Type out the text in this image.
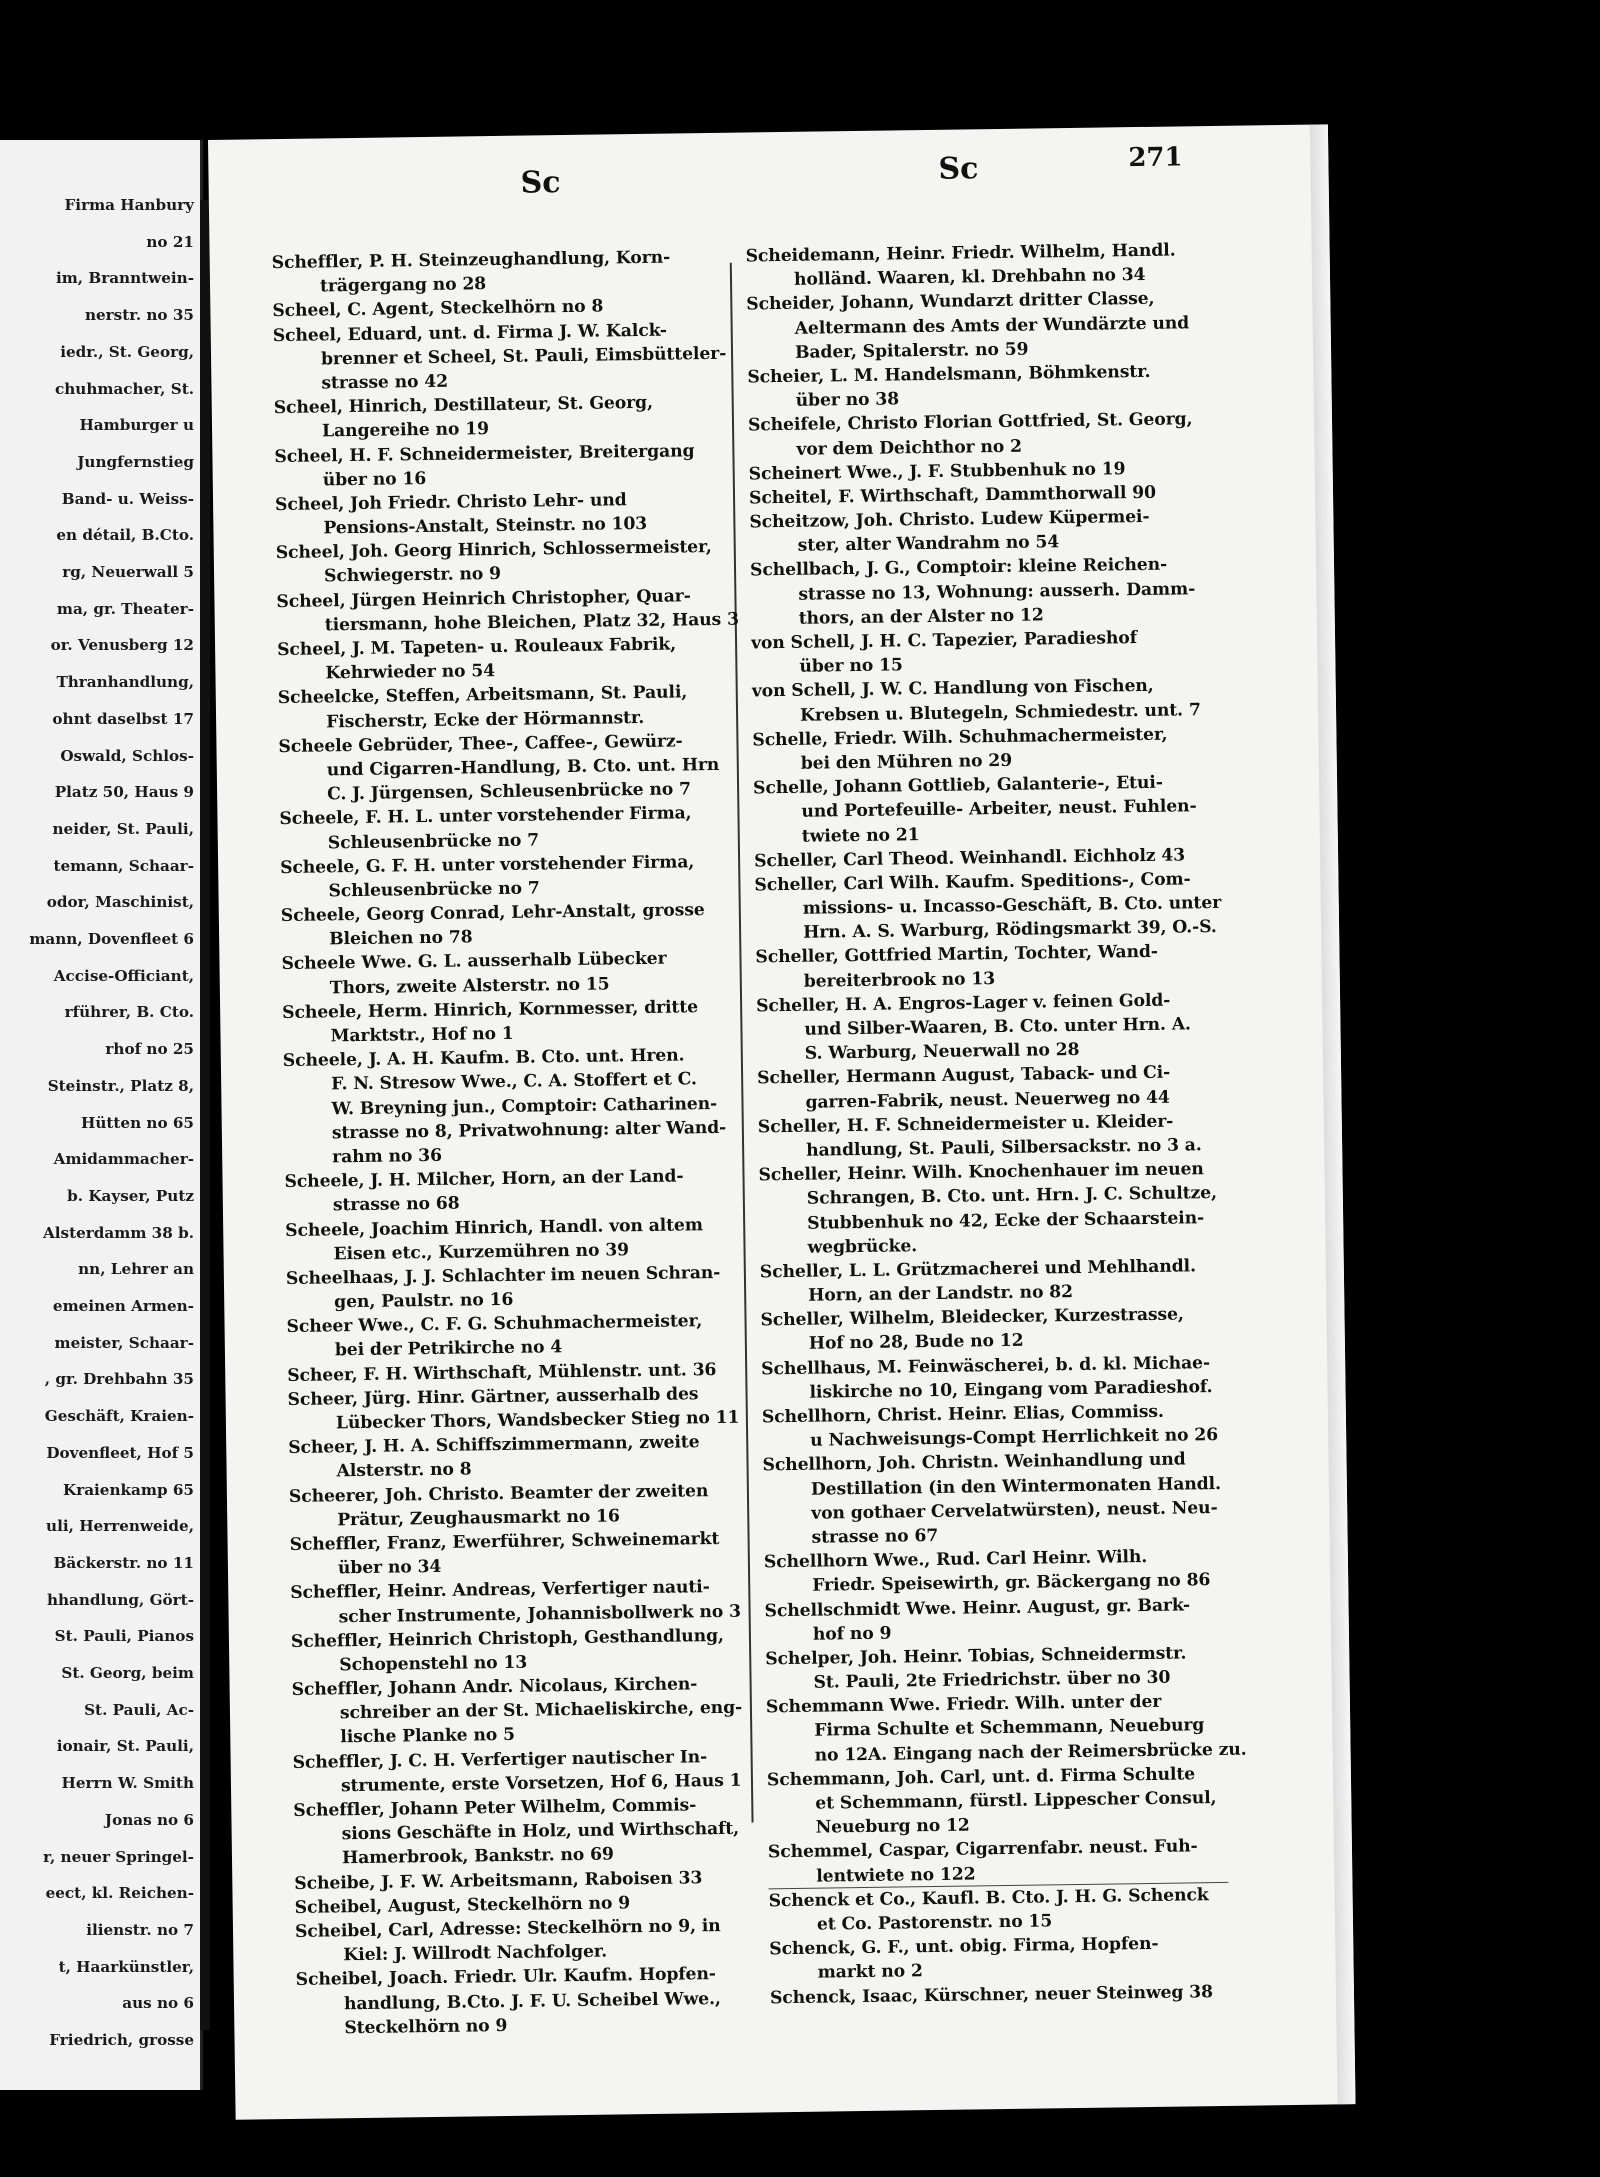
Firma Hanbury
no 21
im, Branntwein-
nerstr. no 35
iedr., St. Georg,
chuhmacher, St.
Hamburger u
Jungfernstieg
Band- u. Weiss-
en détail, B.Cto.
rg, Neuerwall 5
ma, gr. Theater-
or. Venusberg 12
Thranhandlung,
ohnt daselbst 17
Oswald, Schlos-
Platz 50, Haus 9
neider, St. Pauli,
temann, Schaar-
odor, Maschinist,
mann, Dovenfleet 6
Accise-Officiant,
rführer, B. Cto.
rhof no 25
Steinstr., Platz 8,
Hütten no 65
Amidammacher-
b. Kayser, Putz
Alsterdamm 38 b.
nn, Lehrer an
emeinen Armen-
meister, Schaar-
, gr. Drehbahn 35
Geschäft, Kraien-
Dovenfleet, Hof 5
Kraienkamp 65
uli, Herrenweide,
Bäckerstr. no 11
hhandlung, Gört-
St. Pauli, Pianos
St. Georg, beim
St. Pauli, Ac-
ionair, St. Pauli,
Herrn W. Smith
Jonas no 6
r, neuer Springel-
eect, kl. Reichen-
ilienstr. no 7
t, Haarkünstler,
aus no 6
Friedrich, grosse
Sc	Sc	271
Scheffler, P. H. Steinzeughandlung, Korn-
trägergang no 28
Scheel, C. Agent, Steckelhörn no 8
Scheel, Eduard, unt. d. Firma J. W. Kalck-
brenner et Scheel, St. Pauli, Eimsbütteler-
strasse no 42
Scheel, Hinrich, Destillateur, St. Georg,
Langereihe no 19
Scheel, H. F. Schneidermeister, Breitergang
über no 16
Scheel, Joh Friedr. Christo Lehr- und
Pensions-Anstalt, Steinstr. no 103
Scheel, Joh. Georg Hinrich, Schlossermeister,
Schwiegerstr. no 9
Scheel, Jürgen Heinrich Christopher, Quar-
tiersmann, hohe Bleichen, Platz 32, Haus 3
Scheel, J. M. Tapeten- u. Rouleaux Fabrik,
Kehrwieder no 54
Scheelcke, Steffen, Arbeitsmann, St. Pauli,
Fischerstr, Ecke der Hörmannstr.
Scheele Gebrüder, Thee-, Caffee-, Gewürz-
und Cigarren-Handlung, B. Cto. unt. Hrn
C. J. Jürgensen, Schleusenbrücke no 7
Scheele, F. H. L. unter vorstehender Firma,
Schleusenbrücke no 7
Scheele, G. F. H. unter vorstehender Firma,
Schleusenbrücke no 7
Scheele, Georg Conrad, Lehr-Anstalt, grosse
Bleichen no 78
Scheele Wwe. G. L. ausserhalb Lübecker
Thors, zweite Alsterstr. no 15
Scheele, Herm. Hinrich, Kornmesser, dritte
Marktstr., Hof no 1
Scheele, J. A. H. Kaufm. B. Cto. unt. Hren.
F. N. Stresow Wwe., C. A. Stoffert et C.
W. Breyning jun., Comptoir: Catharinen-
strasse no 8, Privatwohnung: alter Wand-
rahm no 36
Scheele, J. H. Milcher, Horn, an der Land-
strasse no 68
Scheele, Joachim Hinrich, Handl. von altem
Eisen etc., Kurzemühren no 39
Scheelhaas, J. J. Schlachter im neuen Schran-
gen, Paulstr. no 16
Scheer Wwe., C. F. G. Schuhmachermeister,
bei der Petrikirche no 4
Scheer, F. H. Wirthschaft, Mühlenstr. unt. 36
Scheer, Jürg. Hinr. Gärtner, ausserhalb des
Lübecker Thors, Wandsbecker Stieg no 11
Scheer, J. H. A. Schiffszimmermann, zweite
Alsterstr. no 8
Scheerer, Joh. Christo. Beamter der zweiten
Prätur, Zeughausmarkt no 16
Scheffler, Franz, Ewerführer, Schweinemarkt
über no 34
Scheffler, Heinr. Andreas, Verfertiger nauti-
scher Instrumente, Johannisbollwerk no 3
Scheffler, Heinrich Christoph, Gesthandlung,
Schopenstehl no 13
Scheffler, Johann Andr. Nicolaus, Kirchen-
schreiber an der St. Michaeliskirche, eng-
lische Planke no 5
Scheffler, J. C. H. Verfertiger nautischer In-
strumente, erste Vorsetzen, Hof 6, Haus 1
Scheffler, Johann Peter Wilhelm, Commis-
sions Geschäfte in Holz, und Wirthschaft,
Hamerbrook, Bankstr. no 69
Scheibe, J. F. W. Arbeitsmann, Raboisen 33
Scheibel, August, Steckelhörn no 9
Scheibel, Carl, Adresse: Steckelhörn no 9, in
Kiel: J. Willrodt Nachfolger.
Scheibel, Joach. Friedr. Ulr. Kaufm. Hopfen-
handlung, B.Cto. J. F. U. Scheibel Wwe.,
Steckelhörn no 9
Scheidemann, Heinr. Friedr. Wilhelm, Handl.
holländ. Waaren, kl. Drehbahn no 34
Scheider, Johann, Wundarzt dritter Classe,
Aeltermann des Amts der Wundärzte und
Bader, Spitalerstr. no 59
Scheier, L. M. Handelsmann, Böhmkenstr.
über no 38
Scheifele, Christo Florian Gottfried, St. Georg,
vor dem Deichthor no 2
Scheinert Wwe., J. F. Stubbenhuk no 19
Scheitel, F. Wirthschaft, Dammthorwall 90
Scheitzow, Joh. Christo. Ludew Küpermei-
ster, alter Wandrahm no 54
Schellbach, J. G., Comptoir: kleine Reichen-
strasse no 13, Wohnung: ausserh. Damm-
thors, an der Alster no 12
von Schell, J. H. C. Tapezier, Paradieshof
über no 15
von Schell, J. W. C. Handlung von Fischen,
Krebsen u. Blutegeln, Schmiedestr. unt. 7
Schelle, Friedr. Wilh. Schuhmachermeister,
bei den Mühren no 29
Schelle, Johann Gottlieb, Galanterie-, Etui-
und Portefeuille- Arbeiter, neust. Fuhlen-
twiete no 21
Scheller, Carl Theod. Weinhandl. Eichholz 43
Scheller, Carl Wilh. Kaufm. Speditions-, Com-
missions- u. Incasso-Geschäft, B. Cto. unter
Hrn. A. S. Warburg, Rödingsmarkt 39, O.-S.
Scheller, Gottfried Martin, Tochter, Wand-
bereiterbrook no 13
Scheller, H. A. Engros-Lager v. feinen Gold-
und Silber-Waaren, B. Cto. unter Hrn. A.
S. Warburg, Neuerwall no 28
Scheller, Hermann August, Taback- und Ci-
garren-Fabrik, neust. Neuerweg no 44
Scheller, H. F. Schneidermeister u. Kleider-
handlung, St. Pauli, Silbersackstr. no 3 a.
Scheller, Heinr. Wilh. Knochenhauer im neuen
Schrangen, B. Cto. unt. Hrn. J. C. Schultze,
Stubbenhuk no 42, Ecke der Schaarstein-
wegbrücke.
Scheller, L. L. Grützmacherei und Mehlhandl.
Horn, an der Landstr. no 82
Scheller, Wilhelm, Bleidecker, Kurzestrasse,
Hof no 28, Bude no 12
Schellhaus, M. Feinwäscherei, b. d. kl. Michae-
liskirche no 10, Eingang vom Paradieshof.
Schellhorn, Christ. Heinr. Elias, Commiss.
u Nachweisungs-Compt Herrlichkeit no 26
Schellhorn, Joh. Christn. Weinhandlung und
Destillation (in den Wintermonaten Handl.
von gothaer Cervelatwürsten), neust. Neu-
strasse no 67
Schellhorn Wwe., Rud. Carl Heinr. Wilh.
Friedr. Speisewirth, gr. Bäckergang no 86
Schellschmidt Wwe. Heinr. August, gr. Bark-
hof no 9
Schelper, Joh. Heinr. Tobias, Schneidermstr.
St. Pauli, 2te Friedrichstr. über no 30
Schemmann Wwe. Friedr. Wilh. unter der
Firma Schulte et Schemmann, Neueburg
no 12A. Eingang nach der Reimersbrücke zu.
Schemmann, Joh. Carl, unt. d. Firma Schulte
et Schemmann, fürstl. Lippescher Consul,
Neueburg no 12
Schemmel, Caspar, Cigarrenfabr. neust. Fuh-
lentwiete no 122
Schenck et Co., Kaufl. B. Cto. J. H. G. Schenck
et Co. Pastorenstr. no 15
Schenck, G. F., unt. obig. Firma, Hopfen-
markt no 2
Schenck, Isaac, Kürschner, neuer Steinweg 38
